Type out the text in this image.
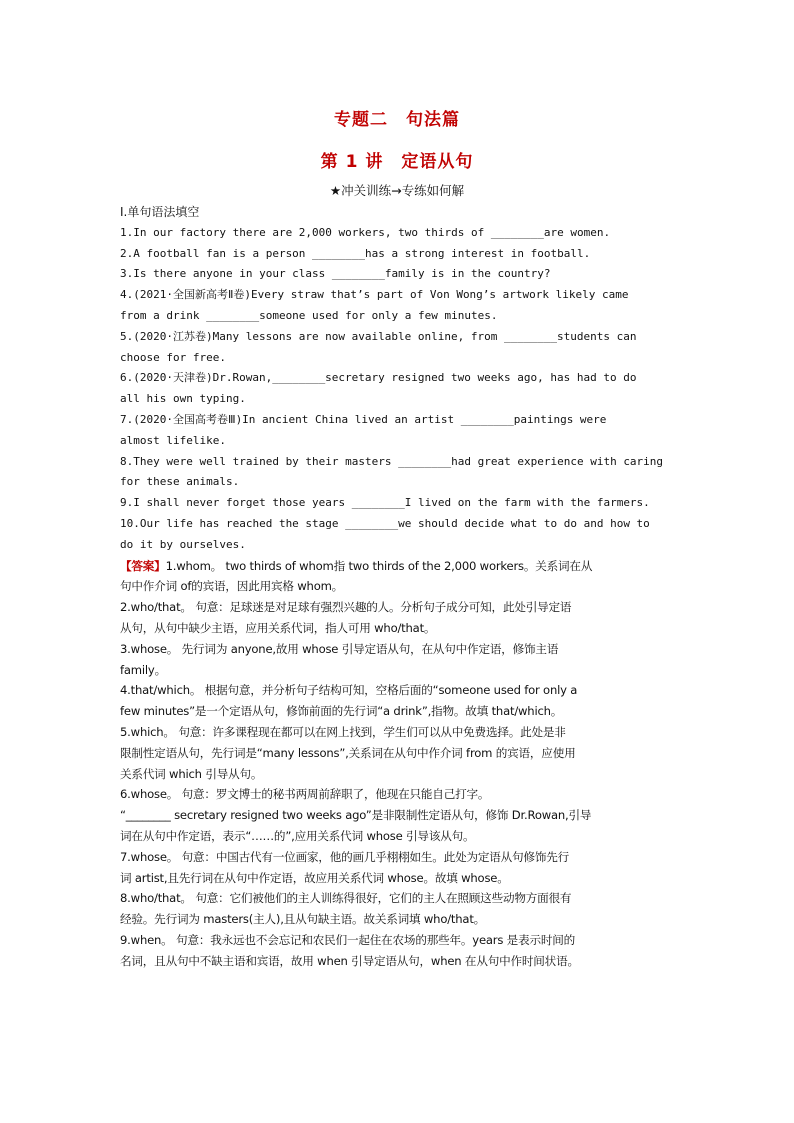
专题二　句法篇
第 1 讲　定语从句
★冲关训练→专练如何解
Ⅰ.单句语法填空
1.In our factory there are 2,000 workers, two thirds of ________are women.
2.A football fan is a person ________has a strong interest in football.
3.Is there anyone in your class ________family is in the country?
4.(2021·全国新高考Ⅱ卷)Every straw that’s part of Von Wong’s artwork likely came
from a drink ________someone used for only a few minutes.
5.(2020·江苏卷)Many lessons are now available online, from ________students can
choose for free.
6.(2020·天津卷)Dr.Rowan,________secretary resigned two weeks ago, has had to do
all his own typing.
7.(2020·全国高考卷Ⅲ)In ancient China lived an artist ________paintings were
almost lifelike.
8.They were well trained by their masters ________had great experience with caring
for these animals.
9.I shall never forget those years ________I lived on the farm with the farmers.
10.Our life has reached the stage ________we should decide what to do and how to
do it by ourselves.
【答案】1.whom。 two thirds of whom指 two thirds of the 2,000 workers。关系词在从
句中作介词 of的宾语，因此用宾格 whom。
2.who/that。 句意：足球迷是对足球有强烈兴趣的人。分析句子成分可知，此处引导定语
从句，从句中缺少主语，应用关系代词，指人可用 who/that。
3.whose。 先行词为 anyone,故用 whose 引导定语从句，在从句中作定语，修饰主语
family。
4.that/which。 根据句意，并分析句子结构可知，空格后面的“someone used for only a
few minutes”是一个定语从句，修饰前面的先行词“a drink”,指物。故填 that/which。
5.which。 句意：许多课程现在都可以在网上找到，学生们可以从中免费选择。此处是非
限制性定语从句，先行词是“many lessons”,关系词在从句中作介词 from 的宾语，应使用
关系代词 which 引导从句。
6.whose。 句意：罗文博士的秘书两周前辞职了，他现在只能自己打字。
“________ secretary resigned two weeks ago”是非限制性定语从句，修饰 Dr.Rowan,引导
词在从句中作定语，表示“……的”,应用关系代词 whose 引导该从句。
7.whose。 句意：中国古代有一位画家，他的画几乎栩栩如生。此处为定语从句修饰先行
词 artist,且先行词在从句中作定语，故应用关系代词 whose。故填 whose。
8.who/that。 句意：它们被他们的主人训练得很好，它们的主人在照顾这些动物方面很有
经验。先行词为 masters(主人),且从句缺主语。故关系词填 who/that。
9.when。 句意：我永远也不会忘记和农民们一起住在农场的那些年。years 是表示时间的
名词，且从句中不缺主语和宾语，故用 when 引导定语从句，when 在从句中作时间状语。
